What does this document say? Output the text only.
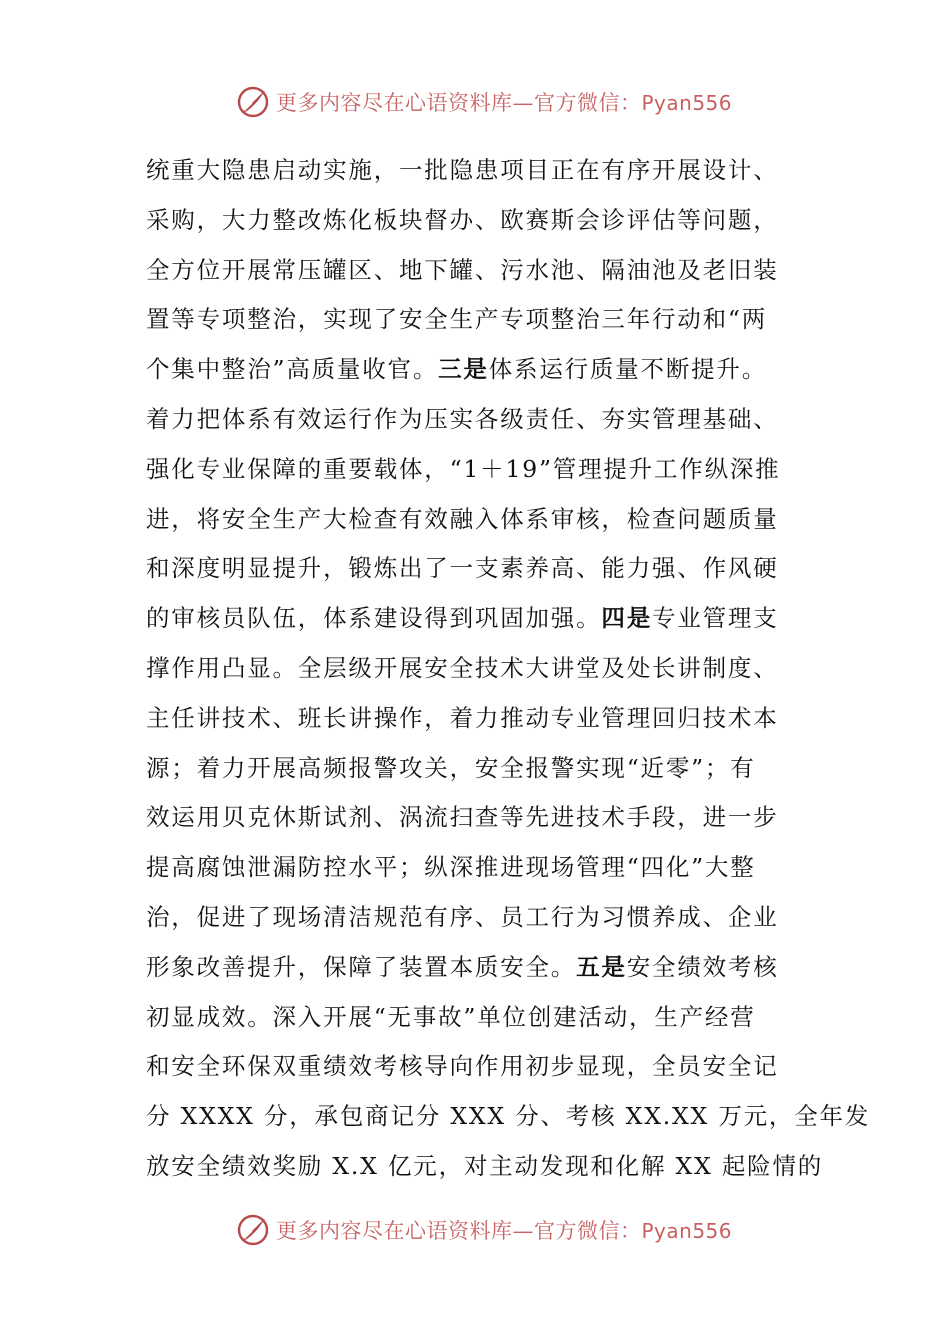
更多内容尽在心语资料库—官方微信：Pyan556
统重大隐患启动实施，一批隐患项目正在有序开展设计、
采购，大力整改炼化板块督办、欧赛斯会诊评估等问题，
全方位开展常压罐区、地下罐、污水池、隔油池及老旧装
置等专项整治，实现了安全生产专项整治三年行动和“两
个集中整治”高质量收官。三是体系运行质量不断提升。
着力把体系有效运行作为压实各级责任、夯实管理基础、
强化专业保障的重要载体，“1＋19”管理提升工作纵深推
进，将安全生产大检查有效融入体系审核，检查问题质量
和深度明显提升，锻炼出了一支素养高、能力强、作风硬
的审核员队伍，体系建设得到巩固加强。四是专业管理支
撑作用凸显。全层级开展安全技术大讲堂及处长讲制度、
主任讲技术、班长讲操作，着力推动专业管理回归技术本
源；着力开展高频报警攻关，安全报警实现“近零”；有
效运用贝克休斯试剂、涡流扫查等先进技术手段，进一步
提高腐蚀泄漏防控水平；纵深推进现场管理“四化”大整
治，促进了现场清洁规范有序、员工行为习惯养成、企业
形象改善提升，保障了装置本质安全。五是安全绩效考核
初显成效。深入开展“无事故”单位创建活动，生产经营
和安全环保双重绩效考核导向作用初步显现，全员安全记
分 XXXX 分，承包商记分 XXX 分、考核 XX.XX 万元，全年发
放安全绩效奖励 X.X 亿元，对主动发现和化解 XX 起险情的
更多内容尽在心语资料库—官方微信：Pyan556
